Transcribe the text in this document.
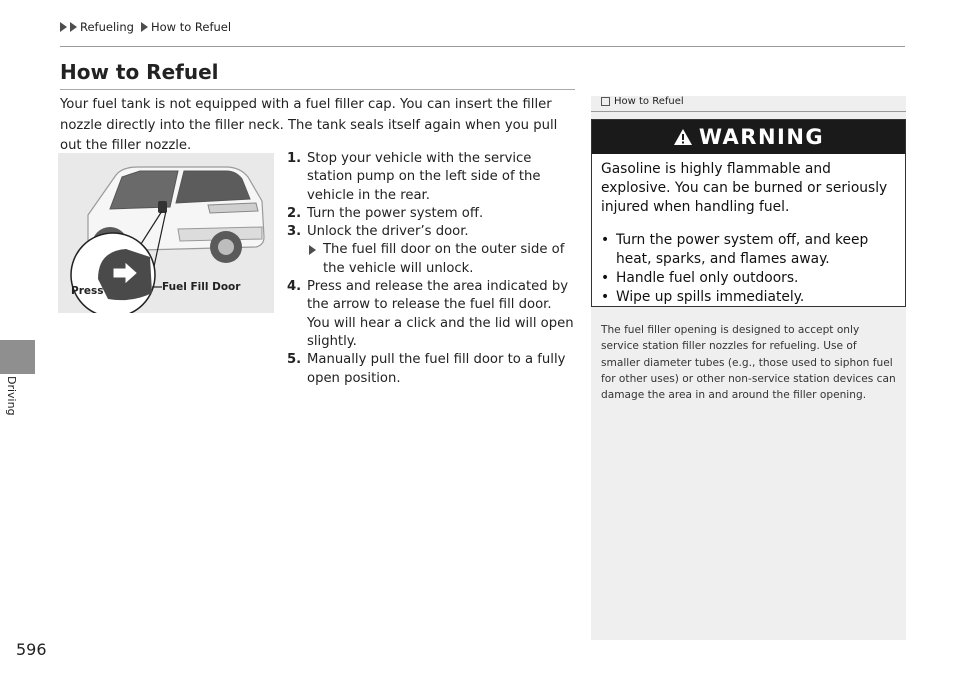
Refueling How to Refuel
Driving
596
How to Refuel

Your fuel tank is not equipped with a fuel filler cap. You can insert the filler nozzle directly into the filler neck. The tank seals itself again when you pull out the filler nozzle.

Press	Fuel Fill Door
1. Stop your vehicle with the service station pump on the left side of the vehicle in the rear.
2. Turn the power system off.
3. Unlock the driver’s door.
The fuel fill door on the outer side of the vehicle will unlock.
4. Press and release the area indicated by the arrow to release the fuel fill door. You will hear a click and the lid will open slightly.
5. Manually pull the fuel fill door to a fully open position.
How to Refuel
WARNING

Gasoline is highly flammable and explosive. You can be burned or seriously injured when handling fuel.

• Turn the power system off, and keep heat, sparks, and flames away.
• Handle fuel only outdoors.
• Wipe up spills immediately.

The fuel filler opening is designed to accept only service station filler nozzles for refueling. Use of smaller diameter tubes (e.g., those used to siphon fuel for other uses) or other non-service station devices can damage the area in and around the filler opening.
